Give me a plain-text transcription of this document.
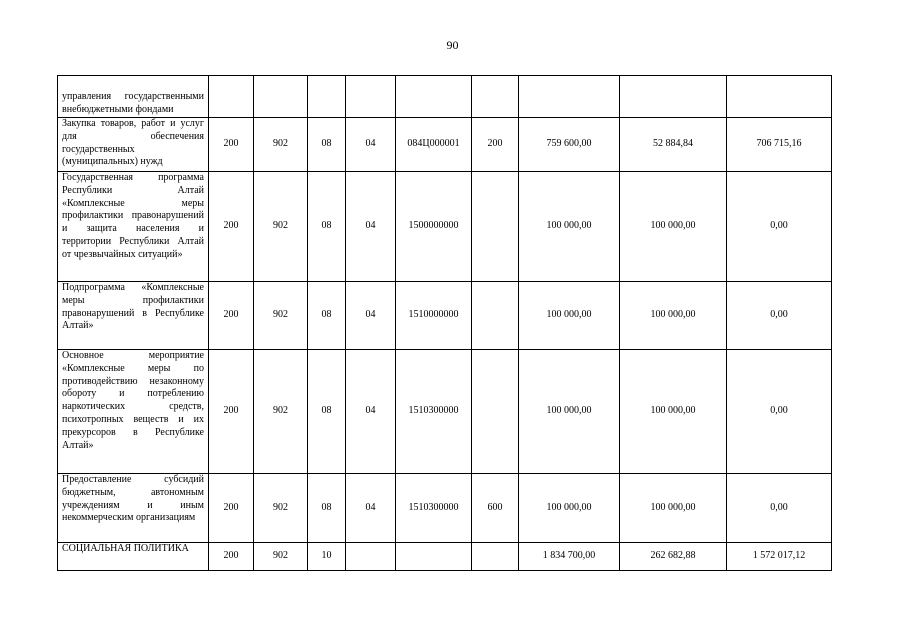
90
управления государственными внебюджетными фондами									
Закупка товаров, работ и услуг для обеспечения государственных (муниципальных) нужд	200	902	08	04	084Ц000001	200	759 600,00	52 884,84	706 715,16
Государственная программа Республики Алтай «Комплексные меры профилактики правонарушений и защита населения и территории Республики Алтай от чрезвычайных ситуаций»	200	902	08	04	1500000000		100 000,00	100 000,00	0,00
Подпрограмма «Комплексные меры профилактики правонарушений в Республике Алтай»	200	902	08	04	1510000000		100 000,00	100 000,00	0,00
Основное мероприятие «Комплексные меры по противодействию незаконному обороту и потреблению наркотических средств, психотропных веществ и их прекурсоров в Республике Алтай»	200	902	08	04	1510300000		100 000,00	100 000,00	0,00
Предоставление субсидий бюджетным, автономным учреждениям и иным некоммерческим организациям	200	902	08	04	1510300000	600	100 000,00	100 000,00	0,00
СОЦИАЛЬНАЯ ПОЛИТИКА	200	902	10				1 834 700,00	262 682,88	1 572 017,12
